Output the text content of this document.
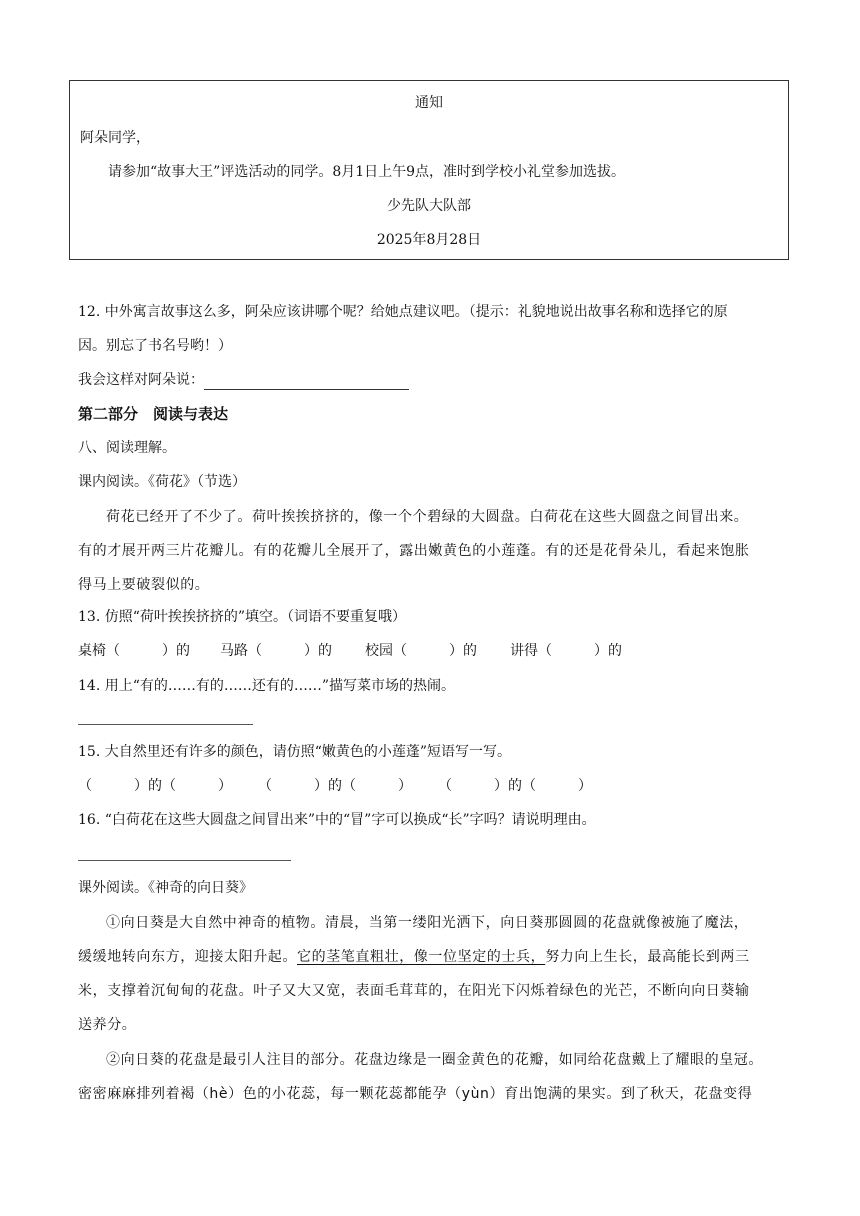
通知
阿朵同学，
请参加“故事大王”评选活动的同学。8月1日上午9点，准时到学校小礼堂参加选拔。
少先队大队部
2025年8月28日
12. 中外寓言故事这么多，阿朵应该讲哪个呢？给她点建议吧。（提示：礼貌地说出故事名称和选择它的原
因。别忘了书名号哟！）
我会这样对阿朵说：
第二部分　阅读与表达
八、阅读理解。
课内阅读。《荷花》（节选）
荷花已经开了不少了。荷叶挨挨挤挤的，像一个个碧绿的大圆盘。白荷花在这些大圆盘之间冒出来。
有的才展开两三片花瓣儿。有的花瓣儿全展开了，露出嫩黄色的小莲蓬。有的还是花骨朵儿，看起来饱胀
得马上要破裂似的。
13. 仿照“荷叶挨挨挤挤的”填空。（词语不要重复哦）
桌椅（　　　）的 马路（　　　）的 校园（　　　）的 讲得（　　　）的
14. 用上“有的……有的……还有的……”描写菜市场的热闹。
15. 大自然里还有许多的颜色，请仿照“嫩黄色的小莲蓬”短语写一写。
（　　　）的（　　　） （　　　）的（　　　） （　　　）的（　　　）
16. “白荷花在这些大圆盘之间冒出来”中的“冒”字可以换成“长”字吗？请说明理由。
课外阅读。《神奇的向日葵》
①向日葵是大自然中神奇的植物。清晨，当第一缕阳光洒下，向日葵那圆圆的花盘就像被施了魔法，
缓缓地转向东方，迎接太阳升起。它的茎笔直粗壮，像一位坚定的士兵，努力向上生长，最高能长到两三
米，支撑着沉甸甸的花盘。叶子又大又宽，表面毛茸茸的，在阳光下闪烁着绿色的光芒，不断向向日葵输
送养分。
②向日葵的花盘是最引人注目的部分。花盘边缘是一圈金黄色的花瓣，如同给花盘戴上了耀眼的皇冠。
密密麻麻排列着褐（hè）色的小花蕊，每一颗花蕊都能孕（yùn）育出饱满的果实。到了秋天，花盘变得
